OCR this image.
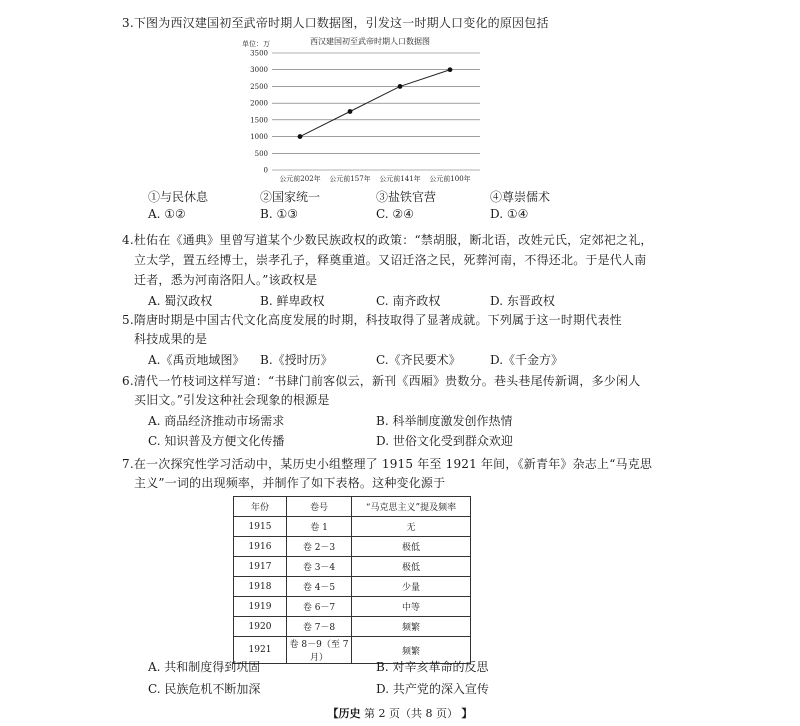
3.下图为西汉建国初至武帝时期人口数据图，引发这一时期人口变化的原因包括
西汉建国初至武帝时期人口数据图
单位：万
3500
3000
2500
2000
1500
1000
500
0
公元前202年 公元前157年 公元前141年 公元前100年
①与民休息	②国家统一	③盐铁官营	④尊崇儒术
A. ①②	B. ①③	C. ②④	D. ①④
4.杜佑在《通典》里曾写道某个少数民族政权的政策：“禁胡服，断北语，改姓元氏，定郊祀之礼，
立太学，置五经博士，崇孝孔子，释奠重道。又诏迁洛之民，死葬河南，不得还北。于是代人南
迁者，悉为河南洛阳人。”该政权是
A. 蜀汉政权	B. 鲜卑政权	C. 南齐政权	D. 东晋政权
5.隋唐时期是中国古代文化高度发展的时期，科技取得了显著成就。下列属于这一时期代表性
科技成果的是
A.《禹贡地域图》 B.《授时历》	C.《齐民要术》 D.《千金方》
6.清代一竹枝词这样写道：“书肆门前客似云，新刊《西厢》贵数分。巷头巷尾传新调，多少闲人
买旧文。”引发这种社会现象的根源是
A. 商品经济推动市场需求	B. 科举制度激发创作热情
C. 知识普及方便文化传播	D. 世俗文化受到群众欢迎
7.在一次探究性学习活动中，某历史小组整理了 1915 年至 1921 年间，《新青年》杂志上“马克思
主义”一词的出现频率，并制作了如下表格。这种变化源于
年份	卷号	“马克思主义”提及频率
1915	卷 1	无
1916	卷 2－3	极低
1917	卷 3－4	极低
1918	卷 4－5	少量
1919	卷 6－7	中等
1920	卷 7－8	频繁
1921	卷 8－9（至 7 月）	频繁
A. 共和制度得到巩固	B. 对辛亥革命的反思
C. 民族危机不断加深	D. 共产党的深入宣传
【历史 第 2 页（共 8 页） 】
